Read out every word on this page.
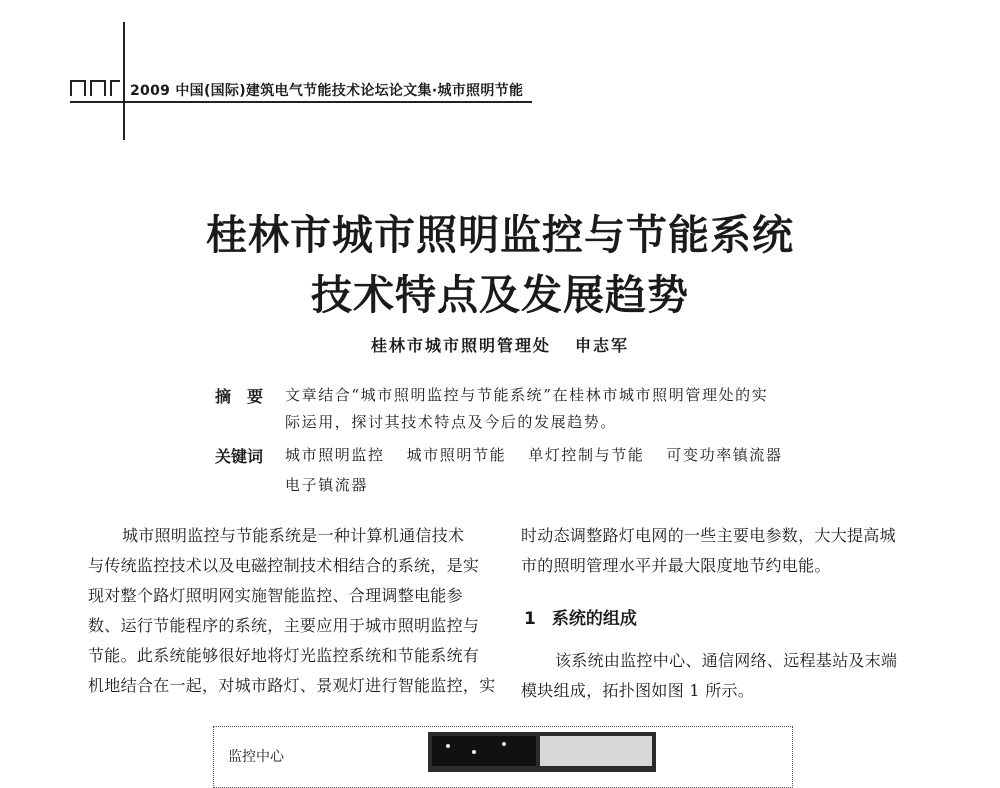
2009 中国(国际)建筑电气节能技术论坛论文集·城市照明节能
桂林市城市照明监控与节能系统
技术特点及发展趋势
桂林市城市照明管理处 申志军
摘　要 文章结合“城市照明监控与节能系统”在桂林市城市照明管理处的实
际运用，探讨其技术特点及今后的发展趋势。
关键词 城市照明监控 城市照明节能 单灯控制与节能 可变功率镇流器
电子镇流器

城市照明监控与节能系统是一种计算机通信技术

与传统监控技术以及电磁控制技术相结合的系统，是实

现对整个路灯照明网实施智能监控、合理调整电能参

数、运行节能程序的系统，主要应用于城市照明监控与

节能。此系统能够很好地将灯光监控系统和节能系统有

机地结合在一起，对城市路灯、景观灯进行智能监控，实

时动态调整路灯电网的一些主要电参数，大大提高城

市的照明管理水平并最大限度地节约电能。

1 系统的组成

该系统由监控中心、通信网络、远程基站及末端

模块组成，拓扑图如图 1 所示。

监控中心
